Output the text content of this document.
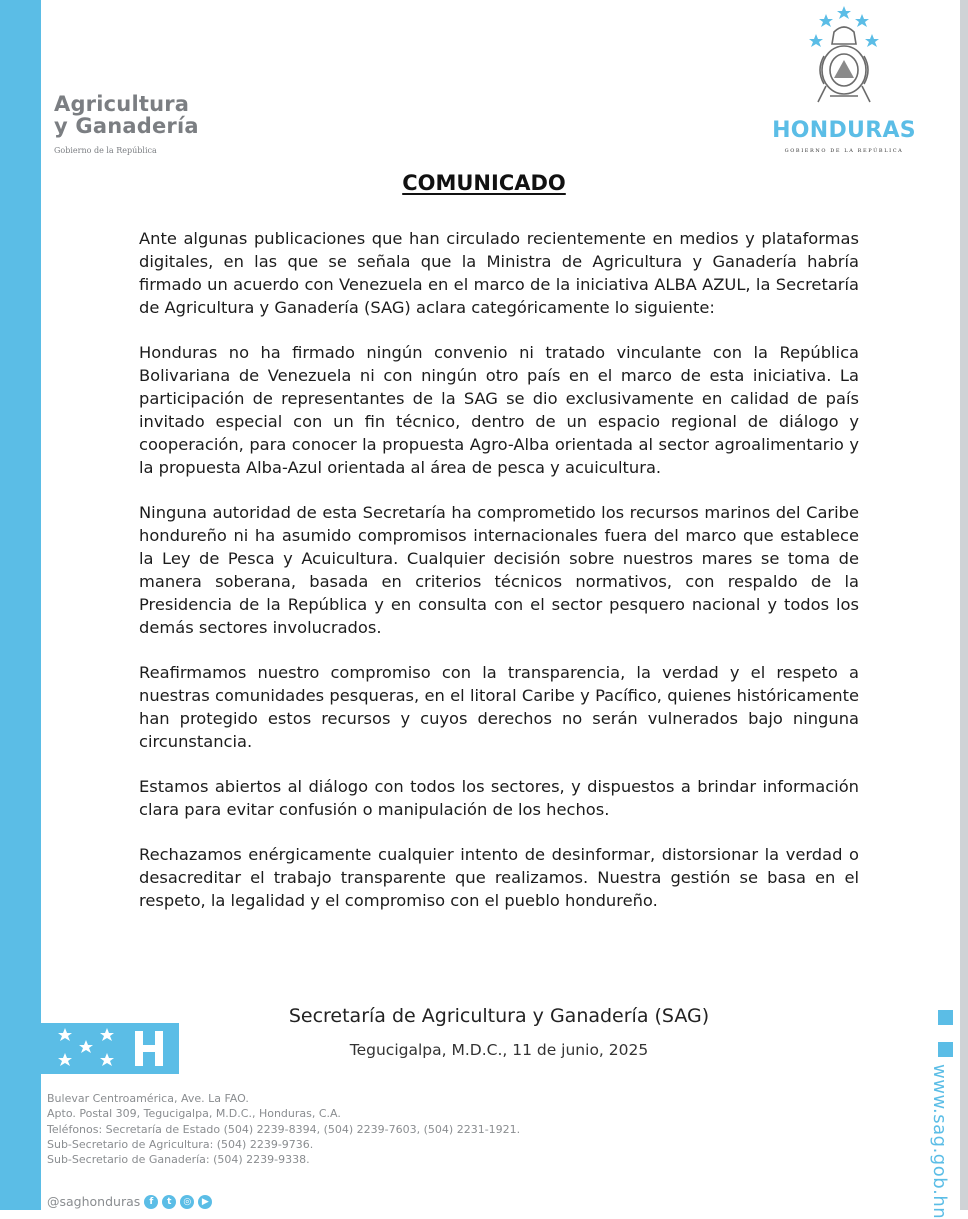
Agricultura
y Ganadería
Gobierno de la República
HONDURAS
GOBIERNO DE LA REPÚBLICA
COMUNICADO

Ante algunas publicaciones que han circulado recientemente en medios y plataformas digitales, en las que se señala que la Ministra de Agricultura y Ganadería habría firmado un acuerdo con Venezuela en el marco de la iniciativa ALBA AZUL, la Secretaría de Agricultura y Ganadería (SAG) aclara categóricamente lo siguiente:

Honduras no ha firmado ningún convenio ni tratado vinculante con la República Bolivariana de Venezuela ni con ningún otro país en el marco de esta iniciativa. La participación de representantes de la SAG se dio exclusivamente en calidad de país invitado especial con un fin técnico, dentro de un espacio regional de diálogo y cooperación, para conocer la propuesta Agro-Alba orientada al sector agroalimentario y la propuesta Alba-Azul orientada al área de pesca y acuicultura.

Ninguna autoridad de esta Secretaría ha comprometido los recursos marinos del Caribe hondureño ni ha asumido compromisos internacionales fuera del marco que establece la Ley de Pesca y Acuicultura. Cualquier decisión sobre nuestros mares se toma de manera soberana, basada en criterios técnicos normativos, con respaldo de la Presidencia de la República y en consulta con el sector pesquero nacional y todos los demás sectores involucrados.

Reafirmamos nuestro compromiso con la transparencia, la verdad y el respeto a nuestras comunidades pesqueras, en el litoral Caribe y Pacífico, quienes históricamente han protegido estos recursos y cuyos derechos no serán vulnerados bajo ninguna circunstancia.

Estamos abiertos al diálogo con todos los sectores, y dispuestos a brindar información clara para evitar confusión o manipulación de los hechos.

Rechazamos enérgicamente cualquier intento de desinformar, distorsionar la verdad o desacreditar el trabajo transparente que realizamos. Nuestra gestión se basa en el respeto, la legalidad y el compromiso con el pueblo hondureño.

Secretaría de Agricultura y Ganadería (SAG)
Tegucigalpa, M.D.C., 11 de junio, 2025
Bulevar Centroamérica, Ave. La FAO.
Apto. Postal 309, Tegucigalpa, M.D.C., Honduras, C.A.
Teléfonos: Secretaría de Estado (504) 2239-8394, (504) 2239-7603, (504) 2231-1921.
Sub-Secretario de Agricultura: (504) 2239-9736.
Sub-Secretario de Ganadería: (504) 2239-9338.
@saghonduras	f	t	◎	▶	www.sag.gob.hn
